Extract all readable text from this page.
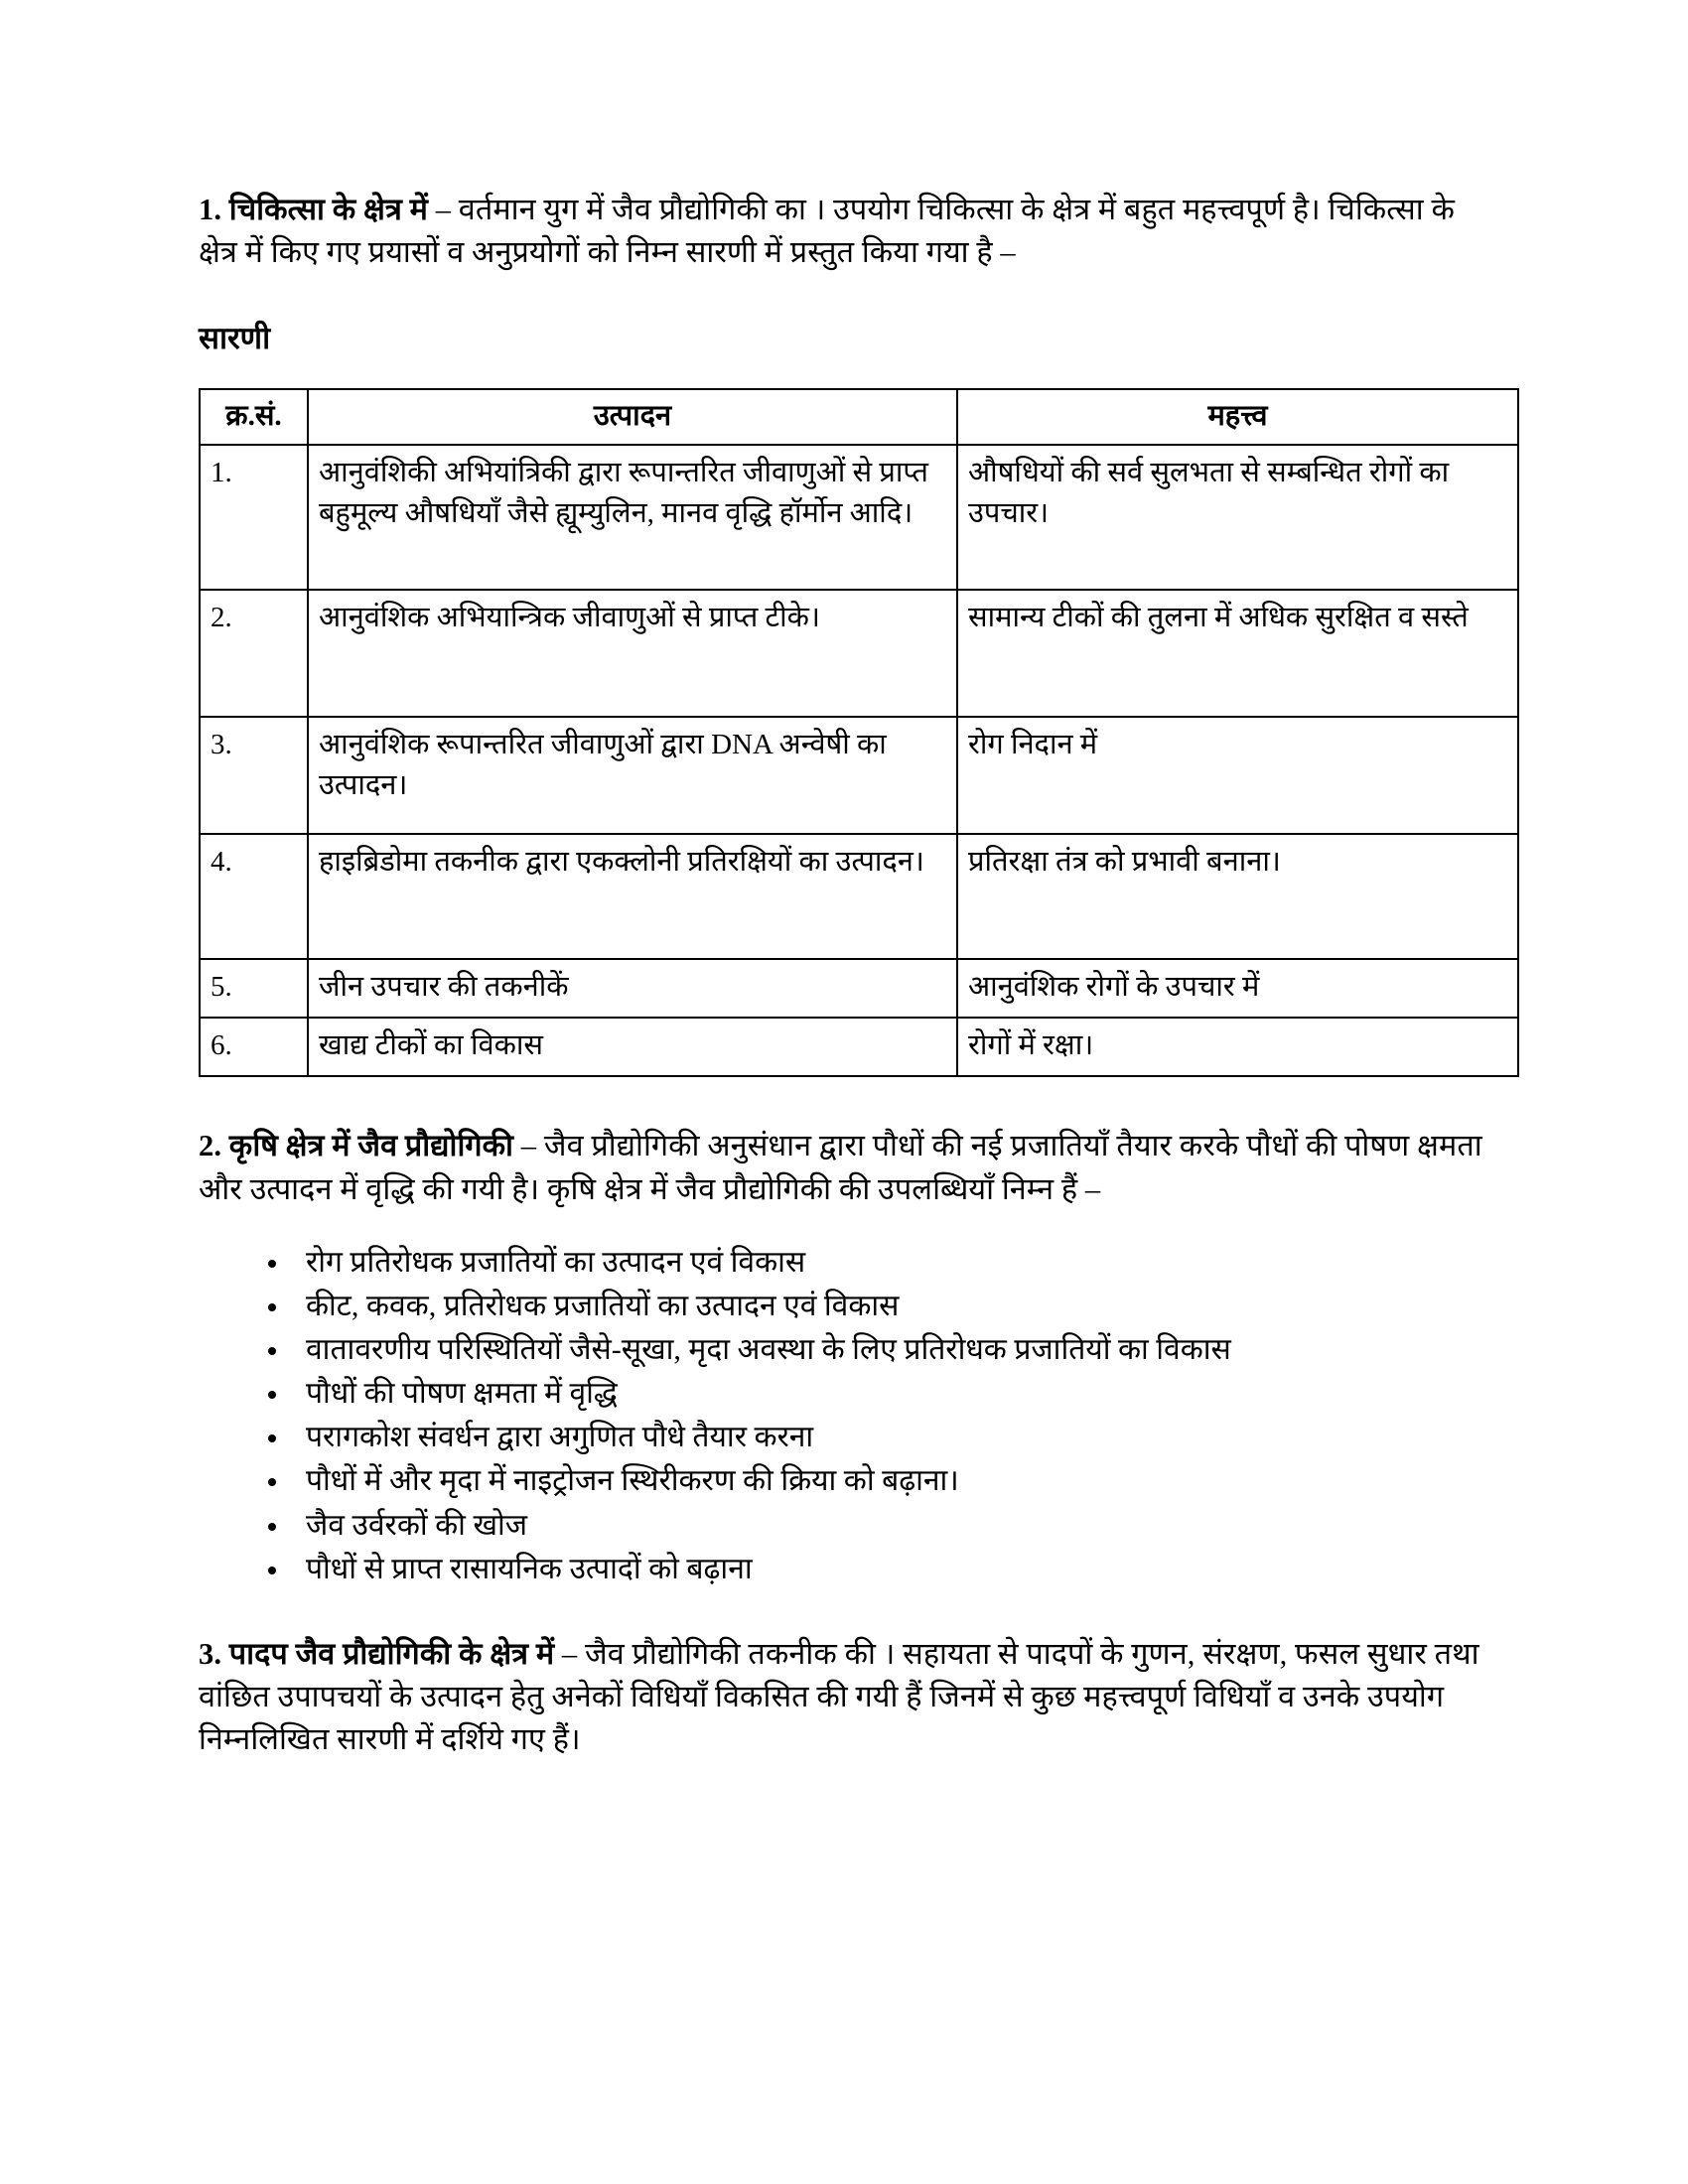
1. चिकित्सा के क्षेत्र में – वर्तमान युग में जैव प्रौद्योगिकी का । उपयोग चिकित्सा के क्षेत्र में बहुत महत्त्वपूर्ण है। चिकित्सा के क्षेत्र में किए गए प्रयासों व अनुप्रयोगों को निम्न सारणी में प्रस्तुत किया गया है –

सारणी

क्र.सं.	उत्पादन	महत्त्व
1.	आनुवंशिकी अभियांत्रिकी द्वारा रूपान्तरित जीवाणुओं से प्राप्त बहुमूल्य औषधियाँ जैसे ह्यूम्युलिन, मानव वृद्धि हॉर्मोन आदि।	औषधियों की सर्व सुलभता से सम्बन्धित रोगों का उपचार।
2.	आनुवंशिक अभियान्त्रिक जीवाणुओं से प्राप्त टीके।	सामान्य टीकों की तुलना में अधिक सुरक्षित व सस्ते
3.	आनुवंशिक रूपान्तरित जीवाणुओं द्वारा DNA अन्वेषी का उत्पादन।	रोग निदान में
4.	हाइब्रिडोमा तकनीक द्वारा एकक्लोनी प्रतिरक्षियों का उत्पादन।	प्रतिरक्षा तंत्र को प्रभावी बनाना।
5.	जीन उपचार की तकनीकें	आनुवंशिक रोगों के उपचार में
6.	खाद्य टीकों का विकास	रोगों में रक्षा।

2. कृषि क्षेत्र में जैव प्रौद्योगिकी – जैव प्रौद्योगिकी अनुसंधान द्वारा पौधों की नई प्रजातियाँ तैयार करके पौधों की पोषण क्षमता और उत्पादन में वृद्धि की गयी है। कृषि क्षेत्र में जैव प्रौद्योगिकी की उपलब्धियाँ निम्न हैं –

रोग प्रतिरोधक प्रजातियों का उत्पादन एवं विकास
कीट, कवक, प्रतिरोधक प्रजातियों का उत्पादन एवं विकास
वातावरणीय परिस्थितियों जैसे-सूखा, मृदा अवस्था के लिए प्रतिरोधक प्रजातियों का विकास
पौधों की पोषण क्षमता में वृद्धि
परागकोश संवर्धन द्वारा अगुणित पौधे तैयार करना
पौधों में और मृदा में नाइट्रोजन स्थिरीकरण की क्रिया को बढ़ाना।
जैव उर्वरकों की खोज
पौधों से प्राप्त रासायनिक उत्पादों को बढ़ाना

3. पादप जैव प्रौद्योगिकी के क्षेत्र में – जैव प्रौद्योगिकी तकनीक की । सहायता से पादपों के गुणन, संरक्षण, फसल सुधार तथा वांछित उपापचयों के उत्पादन हेतु अनेकों विधियाँ विकसित की गयी हैं जिनमें से कुछ महत्त्वपूर्ण विधियाँ व उनके उपयोग निम्नलिखित सारणी में दर्शिये गए हैं।
